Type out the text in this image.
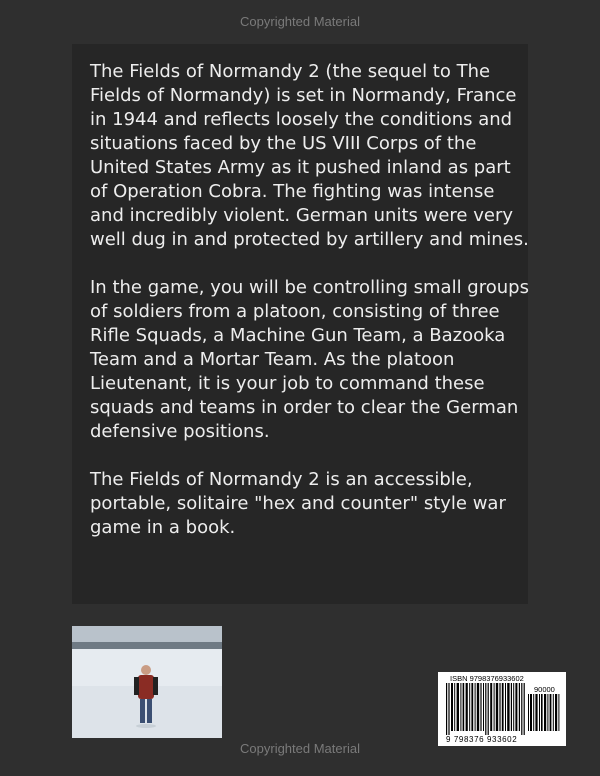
Copyrighted Material

The Fields of Normandy 2 (the sequel to The Fields of Normandy) is set in Normandy, France in 1944 and reflects loosely the conditions and situations faced by the US VIII Corps of the United States Army as it pushed inland as part of Operation Cobra. The fighting was intense and incredibly violent. German units were very well dug in and protected by artillery and mines.

In the game, you will be controlling small groups of soldiers from a platoon, consisting of three Rifle Squads, a Machine Gun Team, a Bazooka Team and a Mortar Team. As the platoon Lieutenant, it is your job to command these squads and teams in order to clear the German defensive positions.

The Fields of Normandy 2 is an accessible, portable, solitaire "hex and counter" style war game in a book.

ISBN 9798376933602
90000
9 798376 933602
Copyrighted Material
